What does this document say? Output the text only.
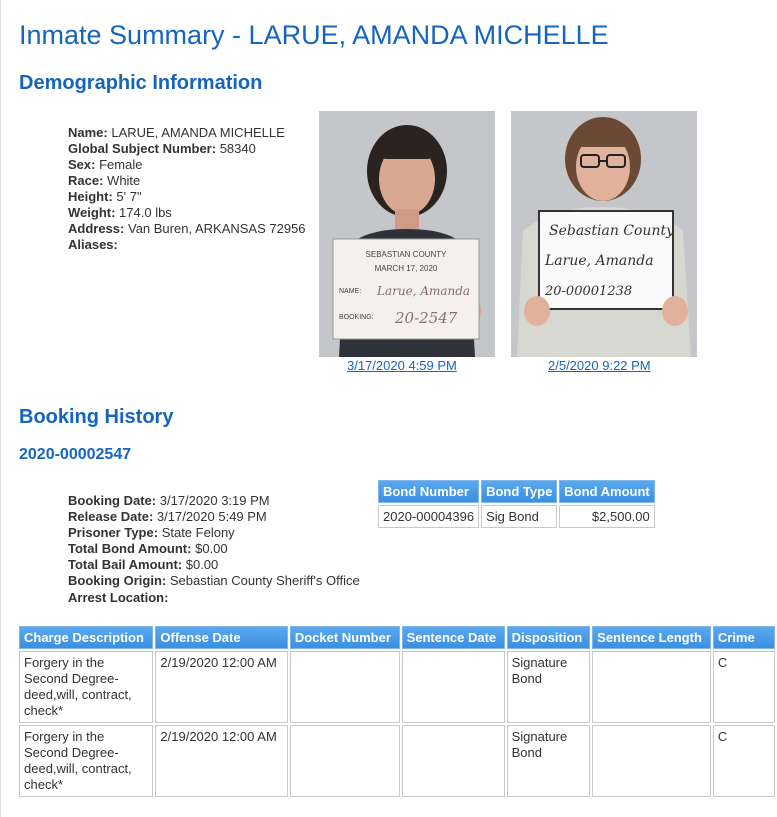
Inmate Summary - LARUE, AMANDA MICHELLE
Demographic Information
Name: LARUE, AMANDA MICHELLE
Global Subject Number: 58340
Sex: Female
Race: White
Height: 5' 7"
Weight: 174.0 lbs
Address: Van Buren, ARKANSAS 72956
Aliases:
SEBASTIAN COUNTY
MARCH 17, 2020
NAME: Larue, Amanda
BOOKING: 20-2547
3/17/2020 4:59 PM
Sebastian County
Larue, Amanda
20-00001238
2/5/2020 9:22 PM
Booking History
2020-00002547
Booking Date: 3/17/2020 3:19 PM
Release Date: 3/17/2020 5:49 PM
Prisoner Type: State Felony
Total Bond Amount: $0.00
Total Bail Amount: $0.00
Booking Origin: Sebastian County Sheriff's Office
Arrest Location:
Bond Number	Bond Type	Bond Amount
2020-00004396	Sig Bond	$2,500.00
Charge Description	Offense Date	Docket Number	Sentence Date	Disposition	Sentence Length	Crime
Forgery in the Second Degree-deed,will, contract, check*	2/19/2020 12:00 AM			Signature Bond		C
Forgery in the Second Degree-deed,will, contract, check*	2/19/2020 12:00 AM			Signature Bond		C
